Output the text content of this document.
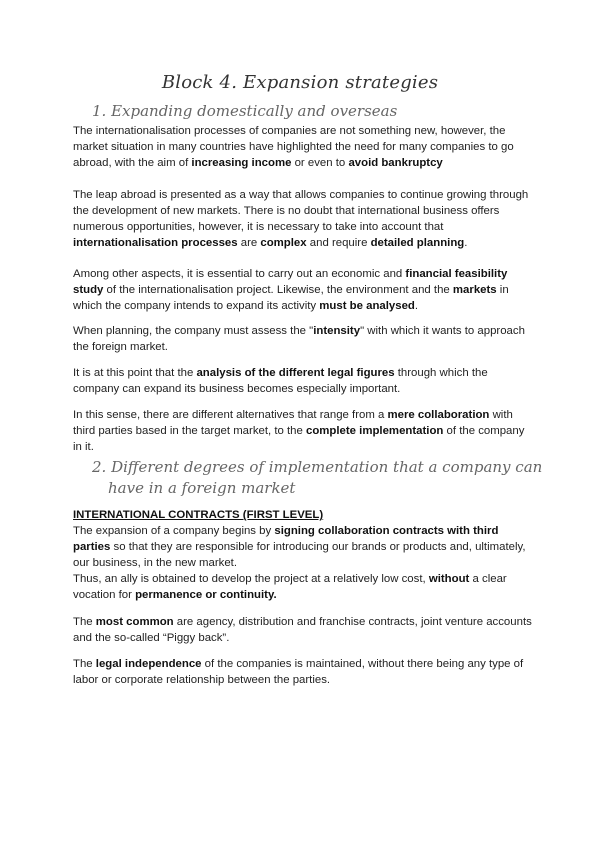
Block 4. Expansion strategies
1. Expanding domestically and overseas
The internationalisation processes of companies are not something new, however, the market situation in many countries have highlighted the need for many companies to go abroad, with the aim of increasing income or even to avoid bankruptcy
The leap abroad is presented as a way that allows companies to continue growing through the development of new markets. There is no doubt that international business offers numerous opportunities, however, it is necessary to take into account that internationalisation processes are complex and require detailed planning.
Among other aspects, it is essential to carry out an economic and financial feasibility study of the internationalisation project. Likewise, the environment and the markets in which the company intends to expand its activity must be analysed.
When planning, the company must assess the "intensity" with which it wants to approach the foreign market.
It is at this point that the analysis of the different legal figures through which the company can expand its business becomes especially important.
In this sense, there are different alternatives that range from a mere collaboration with third parties based in the target market, to the complete implementation of the company in it.
2. Different degrees of implementation that a company can
have in a foreign market
INTERNATIONAL CONTRACTS (FIRST LEVEL)
The expansion of a company begins by signing collaboration contracts with third parties so that they are responsible for introducing our brands or products and, ultimately, our business, in the new market.
Thus, an ally is obtained to develop the project at a relatively low cost, without a clear vocation for permanence or continuity.
The most common are agency, distribution and franchise contracts, joint venture accounts and the so-called “Piggy back”.
The legal independence of the companies is maintained, without there being any type of labor or corporate relationship between the parties.
